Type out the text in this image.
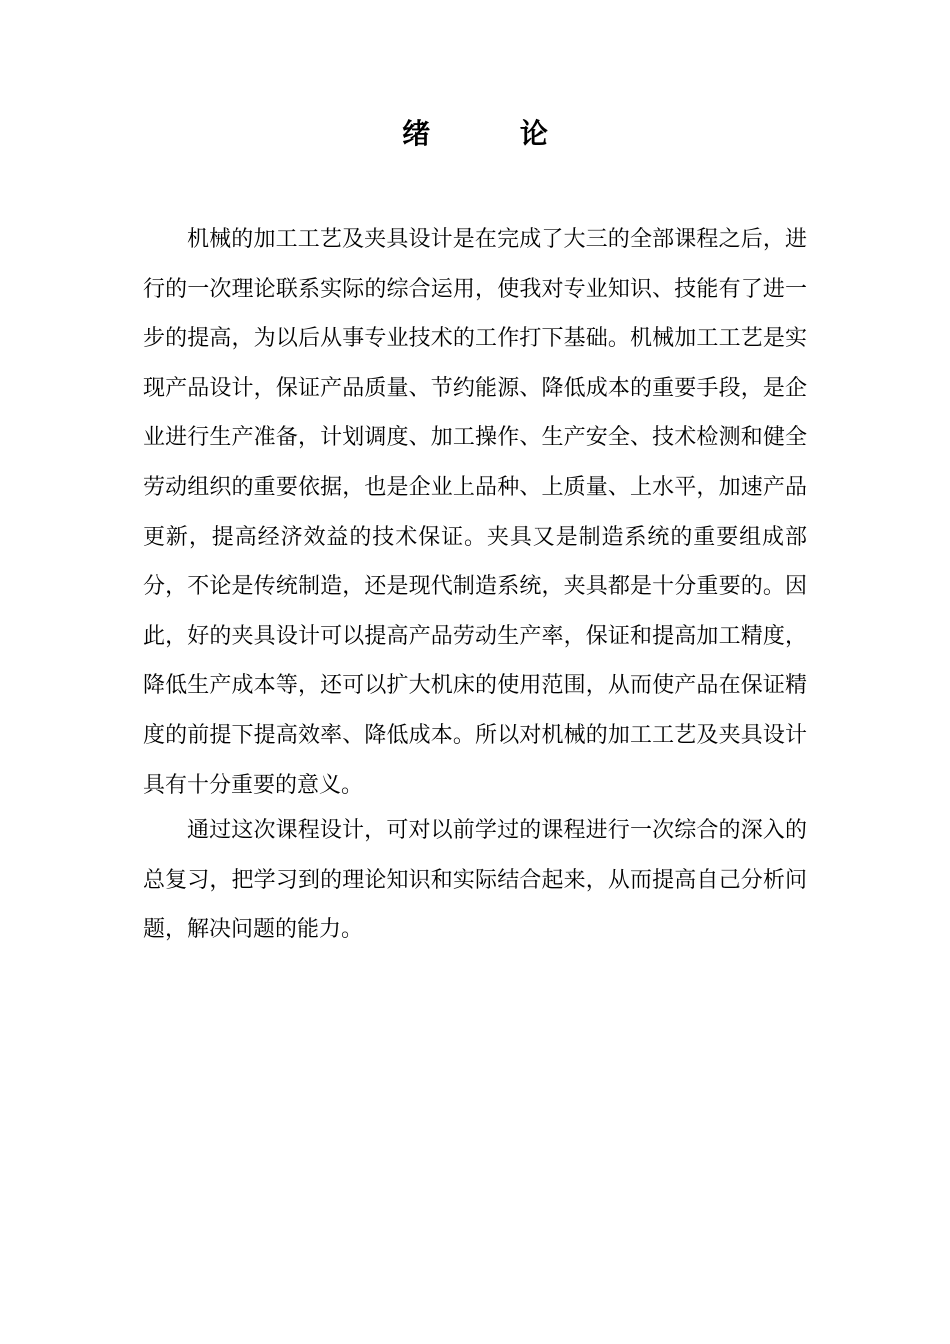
绪 论

机械的加工工艺及夹具设计是在完成了大三的全部课程之后，进行的一次理论联系实际的综合运用，使我对专业知识、技能有了进一步的提高，为以后从事专业技术的工作打下基础。机械加工工艺是实现产品设计，保证产品质量、节约能源、降低成本的重要手段，是企业进行生产准备，计划调度、加工操作、生产安全、技术检测和健全劳动组织的重要依据，也是企业上品种、上质量、上水平，加速产品更新，提高经济效益的技术保证。夹具又是制造系统的重要组成部分，不论是传统制造，还是现代制造系统，夹具都是十分重要的。因此，好的夹具设计可以提高产品劳动生产率，保证和提高加工精度，降低生产成本等，还可以扩大机床的使用范围，从而使产品在保证精度的前提下提高效率、降低成本。所以对机械的加工工艺及夹具设计具有十分重要的意义。

通过这次课程设计，可对以前学过的课程进行一次综合的深入的总复习，把学习到的理论知识和实际结合起来，从而提高自己分析问题，解决问题的能力。
